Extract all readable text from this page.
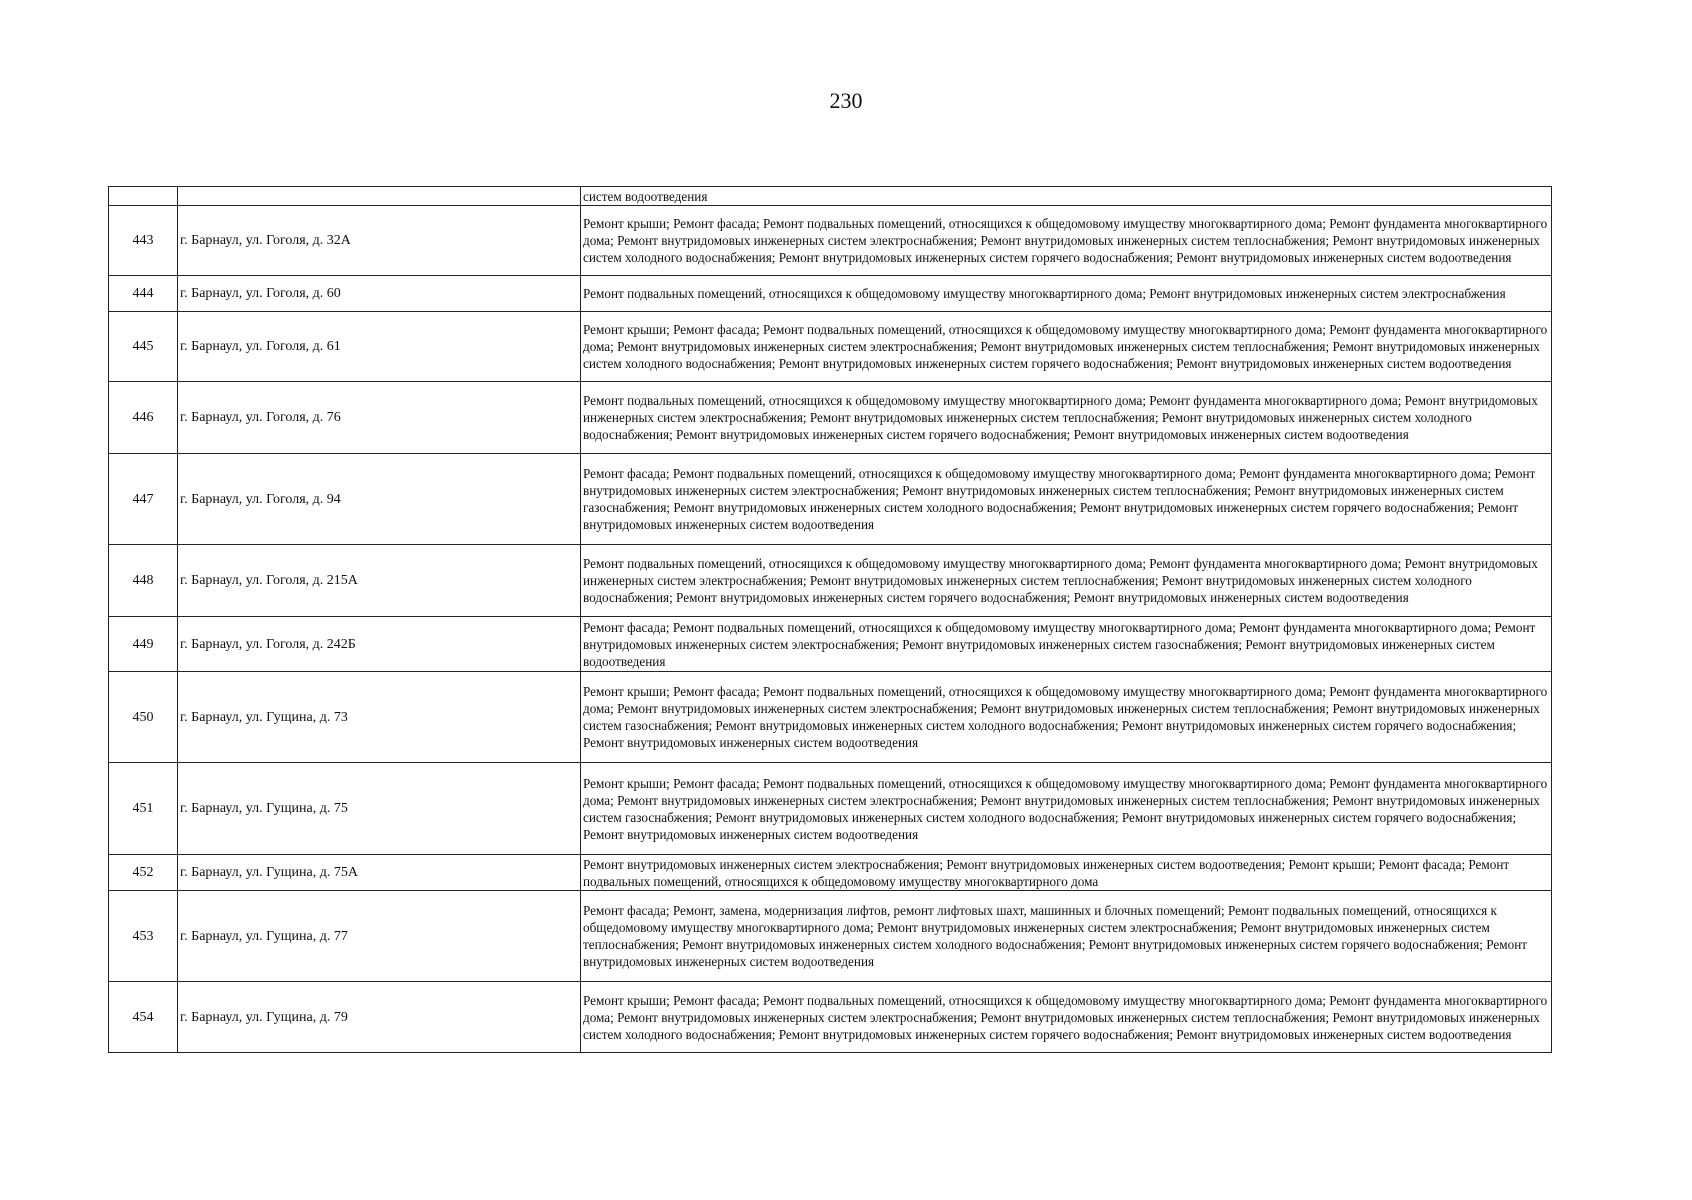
230

		систем водоотведения

443	г. Барнаул, ул. Гоголя, д. 32А	Ремонт крыши; Ремонт фасада; Ремонт подвальных помещений, относящихся к общедомовому имуществу многоквартирного дома; Ремонт фундамента многоквартирного дома; Ремонт внутридомовых инженерных систем электроснабжения; Ремонт внутридомовых инженерных систем теплоснабжения; Ремонт внутридомовых инженерных систем холодного водоснабжения; Ремонт внутридомовых инженерных систем горячего водоснабжения; Ремонт внутридомовых инженерных систем водоотведения

444	г. Барнаул, ул. Гоголя, д. 60	Ремонт подвальных помещений, относящихся к общедомовому имуществу многоквартирного дома; Ремонт внутридомовых инженерных систем электроснабжения

445	г. Барнаул, ул. Гоголя, д. 61	Ремонт крыши; Ремонт фасада; Ремонт подвальных помещений, относящихся к общедомовому имуществу многоквартирного дома; Ремонт фундамента многоквартирного дома; Ремонт внутридомовых инженерных систем электроснабжения; Ремонт внутридомовых инженерных систем теплоснабжения; Ремонт внутридомовых инженерных систем холодного водоснабжения; Ремонт внутридомовых инженерных систем горячего водоснабжения; Ремонт внутридомовых инженерных систем водоотведения

446	г. Барнаул, ул. Гоголя, д. 76	Ремонт подвальных помещений, относящихся к общедомовому имуществу многоквартирного дома; Ремонт фундамента многоквартирного дома; Ремонт внутридомовых инженерных систем электроснабжения; Ремонт внутридомовых инженерных систем теплоснабжения; Ремонт внутридомовых инженерных систем холодного водоснабжения; Ремонт внутридомовых инженерных систем горячего водоснабжения; Ремонт внутридомовых инженерных систем водоотведения

447	г. Барнаул, ул. Гоголя, д. 94	Ремонт фасада; Ремонт подвальных помещений, относящихся к общедомовому имуществу многоквартирного дома; Ремонт фундамента многоквартирного дома; Ремонт внутридомовых инженерных систем электроснабжения; Ремонт внутридомовых инженерных систем теплоснабжения; Ремонт внутридомовых инженерных систем газоснабжения; Ремонт внутридомовых инженерных систем холодного водоснабжения; Ремонт внутридомовых инженерных систем горячего водоснабжения; Ремонт внутридомовых инженерных систем водоотведения

448	г. Барнаул, ул. Гоголя, д. 215А	Ремонт подвальных помещений, относящихся к общедомовому имуществу многоквартирного дома; Ремонт фундамента многоквартирного дома; Ремонт внутридомовых инженерных систем электроснабжения; Ремонт внутридомовых инженерных систем теплоснабжения; Ремонт внутридомовых инженерных систем холодного водоснабжения; Ремонт внутридомовых инженерных систем горячего водоснабжения; Ремонт внутридомовых инженерных систем водоотведения

449	г. Барнаул, ул. Гоголя, д. 242Б	Ремонт фасада; Ремонт подвальных помещений, относящихся к общедомовому имуществу многоквартирного дома; Ремонт фундамента многоквартирного дома; Ремонт внутридомовых инженерных систем электроснабжения; Ремонт внутридомовых инженерных систем газоснабжения; Ремонт внутридомовых инженерных систем водоотведения

450	г. Барнаул, ул. Гущина, д. 73	Ремонт крыши; Ремонт фасада; Ремонт подвальных помещений, относящихся к общедомовому имуществу многоквартирного дома; Ремонт фундамента многоквартирного дома; Ремонт внутридомовых инженерных систем электроснабжения; Ремонт внутридомовых инженерных систем теплоснабжения; Ремонт внутридомовых инженерных систем газоснабжения; Ремонт внутридомовых инженерных систем холодного водоснабжения; Ремонт внутридомовых инженерных систем горячего водоснабжения; Ремонт внутридомовых инженерных систем водоотведения

451	г. Барнаул, ул. Гущина, д. 75	Ремонт крыши; Ремонт фасада; Ремонт подвальных помещений, относящихся к общедомовому имуществу многоквартирного дома; Ремонт фундамента многоквартирного дома; Ремонт внутридомовых инженерных систем электроснабжения; Ремонт внутридомовых инженерных систем теплоснабжения; Ремонт внутридомовых инженерных систем газоснабжения; Ремонт внутридомовых инженерных систем холодного водоснабжения; Ремонт внутридомовых инженерных систем горячего водоснабжения; Ремонт внутридомовых инженерных систем водоотведения

452	г. Барнаул, ул. Гущина, д. 75А	Ремонт внутридомовых инженерных систем электроснабжения; Ремонт внутридомовых инженерных систем водоотведения; Ремонт крыши; Ремонт фасада; Ремонт подвальных помещений, относящихся к общедомовому имуществу многоквартирного дома

453	г. Барнаул, ул. Гущина, д. 77	Ремонт фасада; Ремонт, замена, модернизация лифтов, ремонт лифтовых шахт, машинных и блочных помещений; Ремонт подвальных помещений, относящихся к общедомовому имуществу многоквартирного дома; Ремонт внутридомовых инженерных систем электроснабжения; Ремонт внутридомовых инженерных систем теплоснабжения; Ремонт внутридомовых инженерных систем холодного водоснабжения; Ремонт внутридомовых инженерных систем горячего водоснабжения; Ремонт внутридомовых инженерных систем водоотведения

454	г. Барнаул, ул. Гущина, д. 79	Ремонт крыши; Ремонт фасада; Ремонт подвальных помещений, относящихся к общедомовому имуществу многоквартирного дома; Ремонт фундамента многоквартирного дома; Ремонт внутридомовых инженерных систем электроснабжения; Ремонт внутридомовых инженерных систем теплоснабжения; Ремонт внутридомовых инженерных систем холодного водоснабжения; Ремонт внутридомовых инженерных систем горячего водоснабжения; Ремонт внутридомовых инженерных систем водоотведения
